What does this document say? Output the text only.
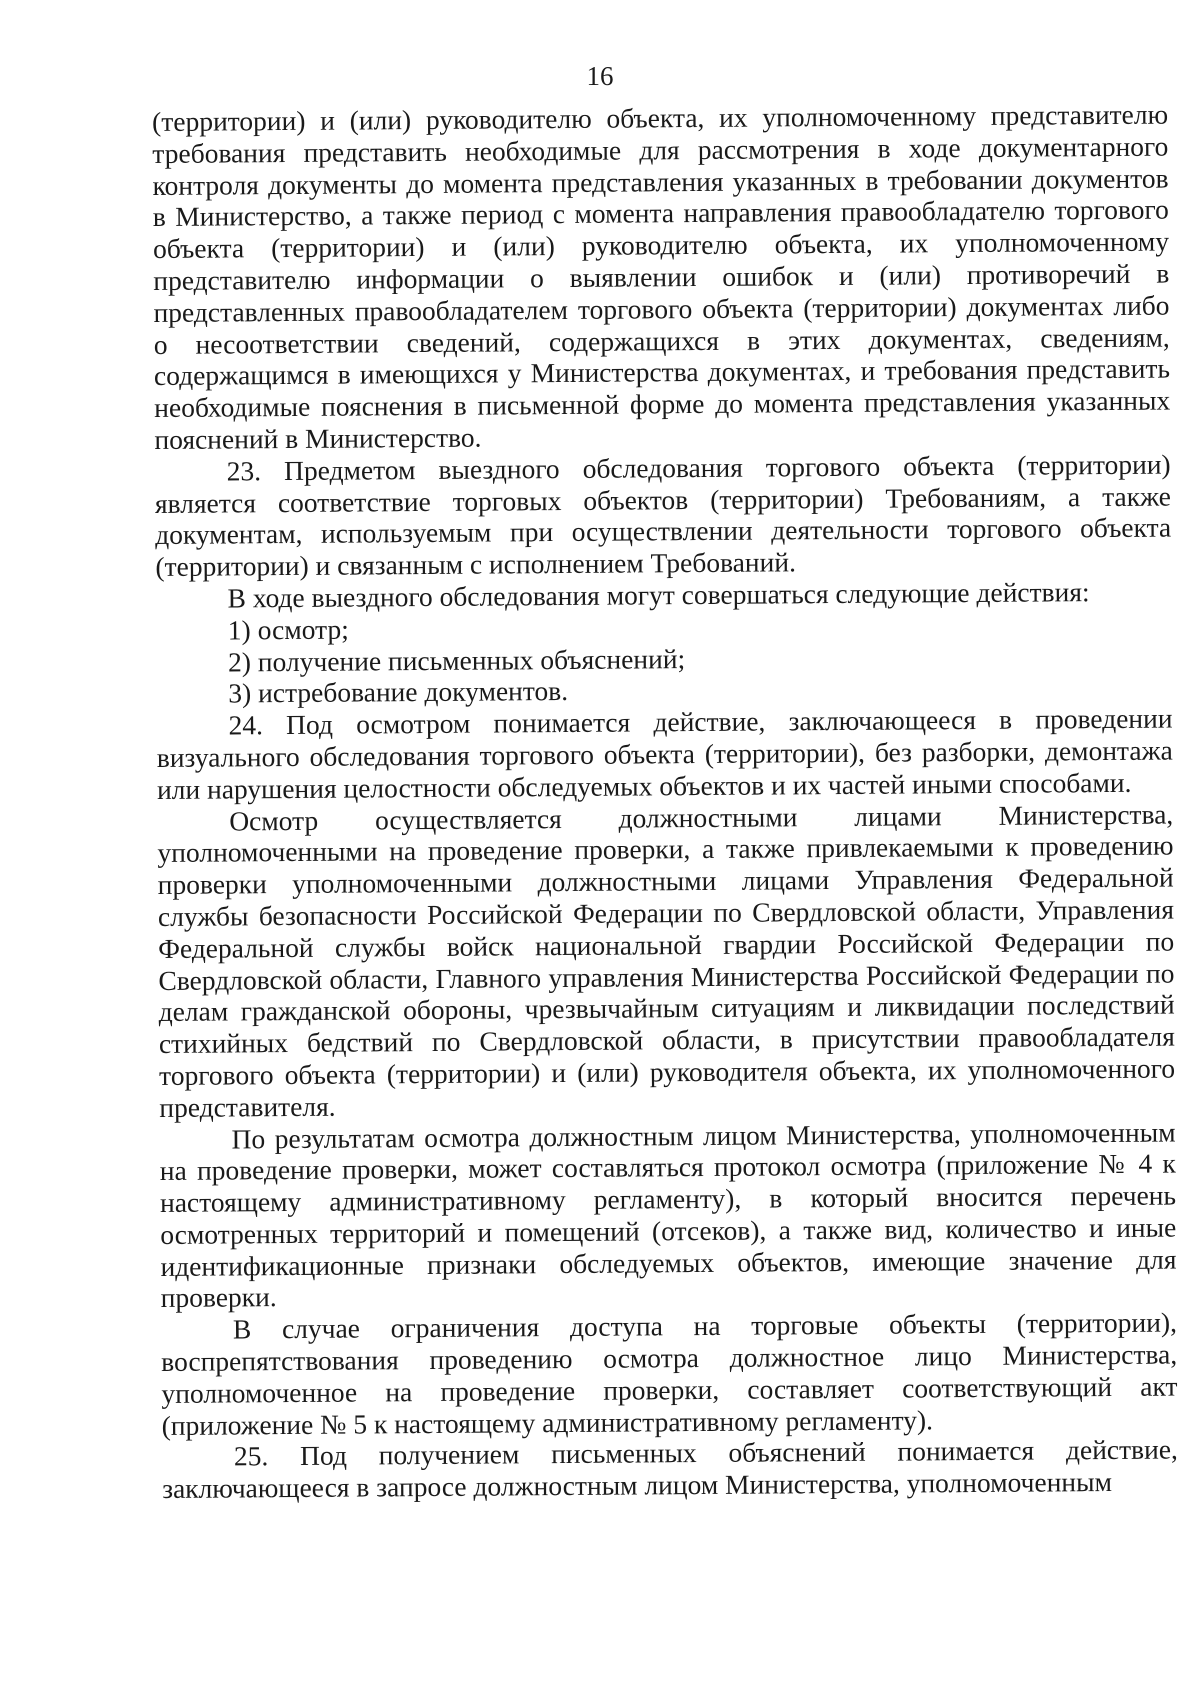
16

(территории) и (или) руководителю объекта, их уполномоченному представителю требования представить необходимые для рассмотрения в ходе документарного контроля документы до момента представления указанных в требовании документов в Министерство, а также период с момента направления правообладателю торгового объекта (территории) и (или) руководителю объекта, их уполномоченному представителю информации о выявлении ошибок и (или) противоречий в представленных правообладателем торгового объекта (территории) документах либо о несоответствии сведений, содержащихся в этих документах, сведениям, содержащимся в имеющихся у Министерства документах, и требования представить необходимые пояснения в письменной форме до момента представления указанных пояснений в Министерство.

23. Предметом выездного обследования торгового объекта (территории) является соответствие торговых объектов (территории) Требованиям, а также документам, используемым при осуществлении деятельности торгового объекта (территории) и связанным с исполнением Требований.

В ходе выездного обследования могут совершаться следующие действия:

1) осмотр;

2) получение письменных объяснений;

3) истребование документов.

24. Под осмотром понимается действие, заключающееся в проведении визуального обследования торгового объекта (территории), без разборки, демонтажа или нарушения целостности обследуемых объектов и их частей иными способами.

Осмотр осуществляется должностными лицами Министерства, уполномоченными на проведение проверки, а также привлекаемыми к проведению проверки уполномоченными должностными лицами Управления Федеральной службы безопасности Российской Федерации по Свердловской области, Управления Федеральной службы войск национальной гвардии Российской Федерации по Свердловской области, Главного управления Министерства Российской Федерации по делам гражданской обороны, чрезвычайным ситуациям и ликвидации последствий стихийных бедствий по Свердловской области, в присутствии правообладателя торгового объекта (территории) и (или) руководителя объекта, их уполномоченного представителя.

По результатам осмотра должностным лицом Министерства, уполномоченным на проведение проверки, может составляться протокол осмотра (приложение № 4 к настоящему административному регламенту), в который вносится перечень осмотренных территорий и помещений (отсеков), а также вид, количество и иные идентификационные признаки обследуемых объектов, имеющие значение для проверки.

В случае ограничения доступа на торговые объекты (территории), воспрепятствования проведению осмотра должностное лицо Министерства, уполномоченное на проведение проверки, составляет соответствующий акт (приложение № 5 к настоящему административному регламенту).

25. Под получением письменных объяснений понимается действие, заключающееся в запросе должностным лицом Министерства, уполномоченным
